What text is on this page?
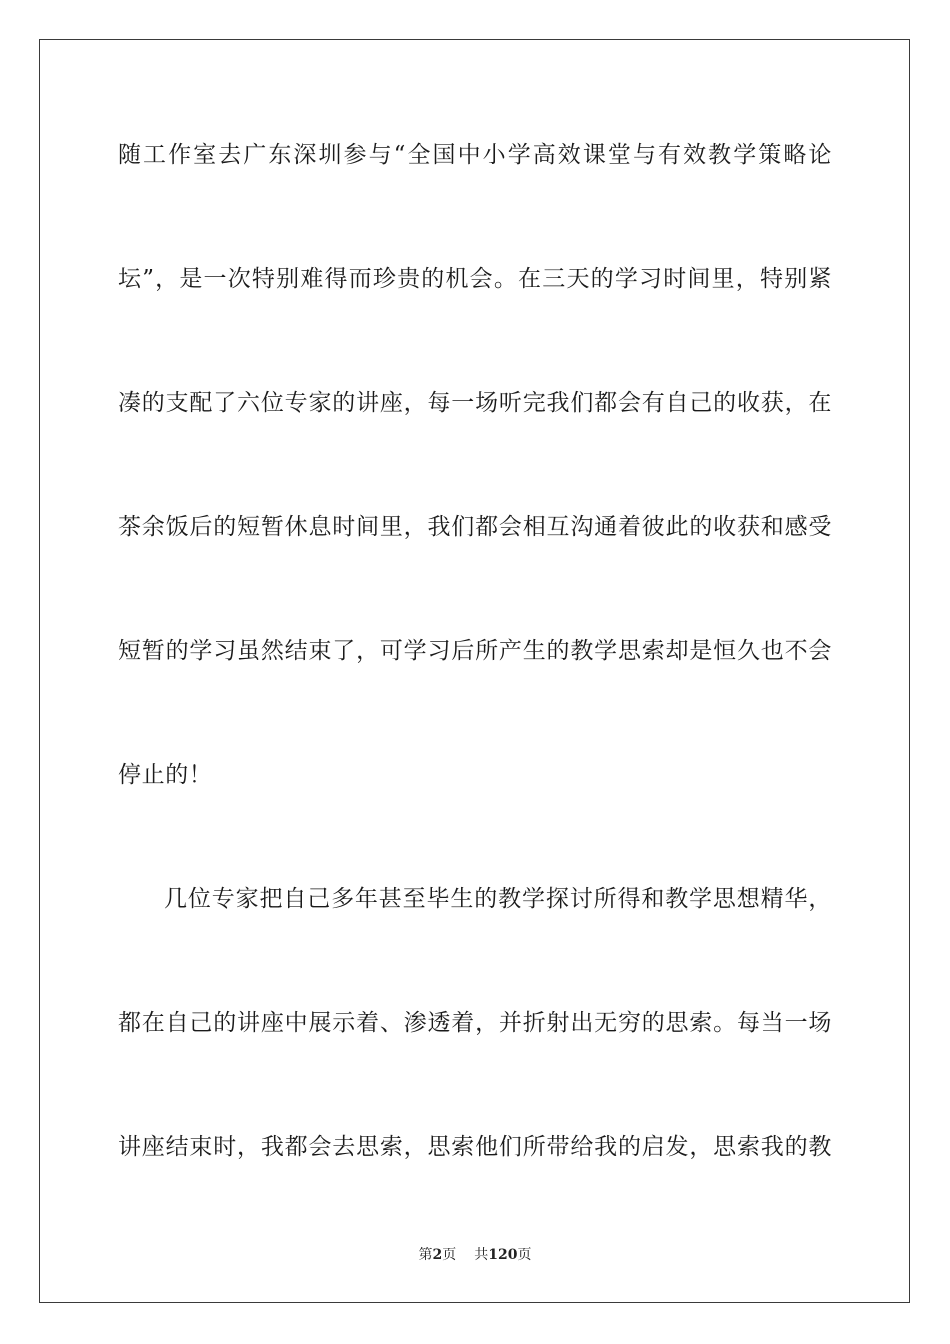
随工作室去广东深圳参与“全国中小学高效课堂与有效教学策略论
坛”，是一次特别难得而珍贵的机会。在三天的学习时间里，特别紧
凑的支配了六位专家的讲座，每一场听完我们都会有自己的收获，在
茶余饭后的短暂休息时间里，我们都会相互沟通着彼此的收获和感受
短暂的学习虽然结束了，可学习后所产生的教学思索却是恒久也不会
停止的！
几位专家把自己多年甚至毕生的教学探讨所得和教学思想精华，
都在自己的讲座中展示着、渗透着，并折射出无穷的思索。每当一场
讲座结束时，我都会去思索，思索他们所带给我的启发，思索我的教
第2页 共120页
